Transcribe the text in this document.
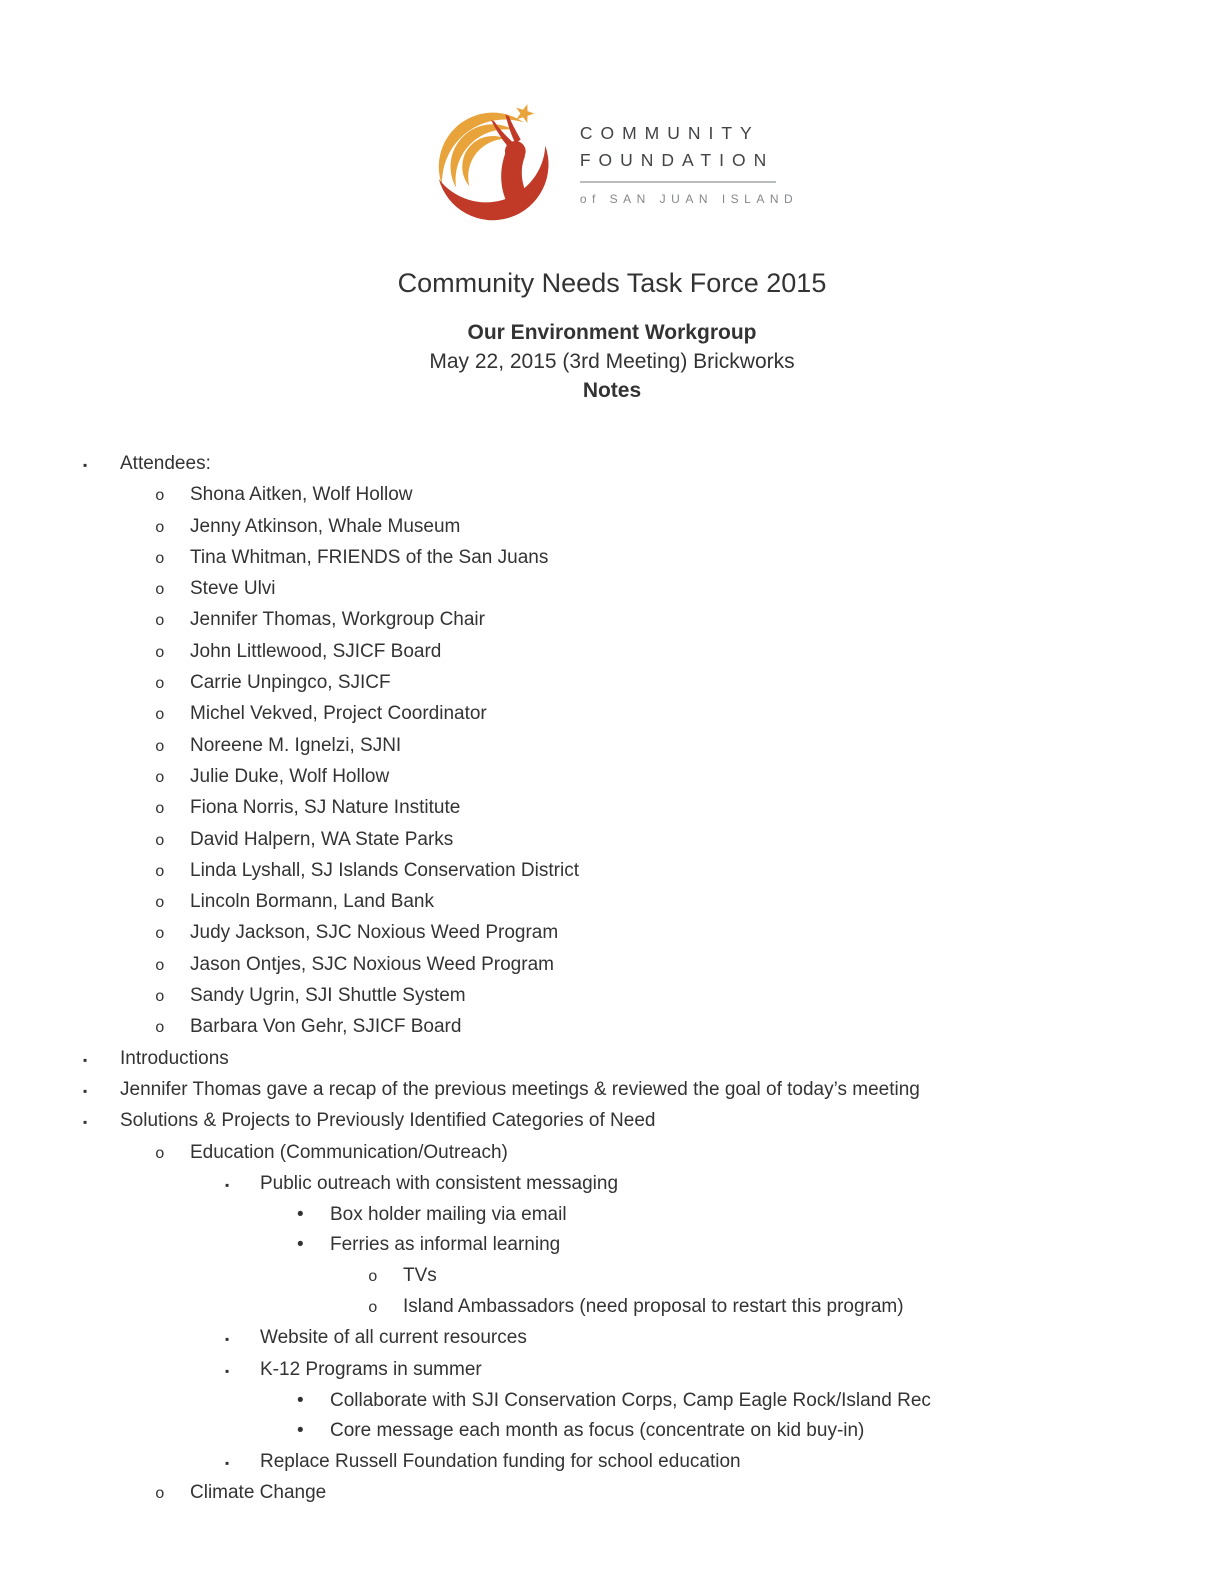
COMMUNITY
FOUNDATION
of SAN JUAN ISLAND
Community Needs Task Force 2015
Our Environment Workgroup
May 22, 2015 (3rd Meeting) Brickworks
Notes
▪	Attendees:
o	Shona Aitken, Wolf Hollow
o	Jenny Atkinson, Whale Museum
o	Tina Whitman, FRIENDS of the San Juans
o	Steve Ulvi
o	Jennifer Thomas, Workgroup Chair
o	John Littlewood, SJICF Board
o	Carrie Unpingco, SJICF
o	Michel Vekved, Project Coordinator
o	Noreene M. Ignelzi, SJNI
o	Julie Duke, Wolf Hollow
o	Fiona Norris, SJ Nature Institute
o	David Halpern, WA State Parks
o	Linda Lyshall, SJ Islands Conservation District
o	Lincoln Bormann, Land Bank
o	Judy Jackson, SJC Noxious Weed Program
o	Jason Ontjes, SJC Noxious Weed Program
o	Sandy Ugrin, SJI Shuttle System
o	Barbara Von Gehr, SJICF Board
▪	Introductions
▪	Jennifer Thomas gave a recap of the previous meetings & reviewed the goal of today’s meeting
▪	Solutions & Projects to Previously Identified Categories of Need
o	Education (Communication/Outreach)
▪	Public outreach with consistent messaging
•	Box holder mailing via email
•	Ferries as informal learning
o	TVs
o	Island Ambassadors (need proposal to restart this program)
▪	Website of all current resources
▪	K-12 Programs in summer
•	Collaborate with SJI Conservation Corps, Camp Eagle Rock/Island Rec
•	Core message each month as focus (concentrate on kid buy-in)
▪	Replace Russell Foundation funding for school education
o	Climate Change
